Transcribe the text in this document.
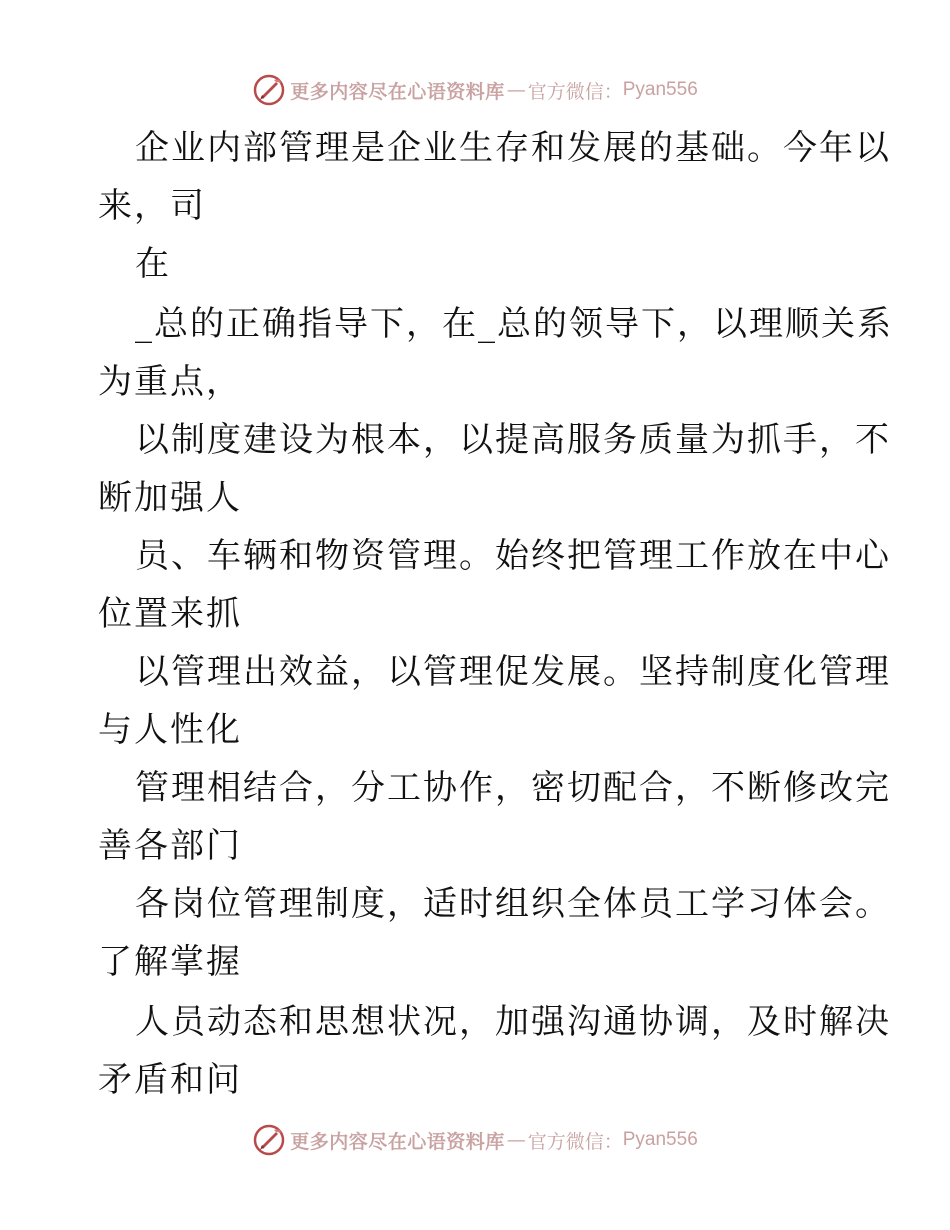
更多内容尽在心语资料库 — 官方微信： Pyan556
企业内部管理是企业生存和发展的基础。今年以
来，司
在
_总的正确指导下，在_总的领导下，以理顺关系
为重点，
以制度建设为根本，以提高服务质量为抓手，不
断加强人
员、车辆和物资管理。始终把管理工作放在中心
位置来抓
以管理出效益，以管理促发展。坚持制度化管理
与人性化
管理相结合，分工协作，密切配合，不断修改完
善各部门
各岗位管理制度，适时组织全体员工学习体会。
了解掌握
人员动态和思想状况，加强沟通协调，及时解决
矛盾和问
更多内容尽在心语资料库 — 官方微信： Pyan556
